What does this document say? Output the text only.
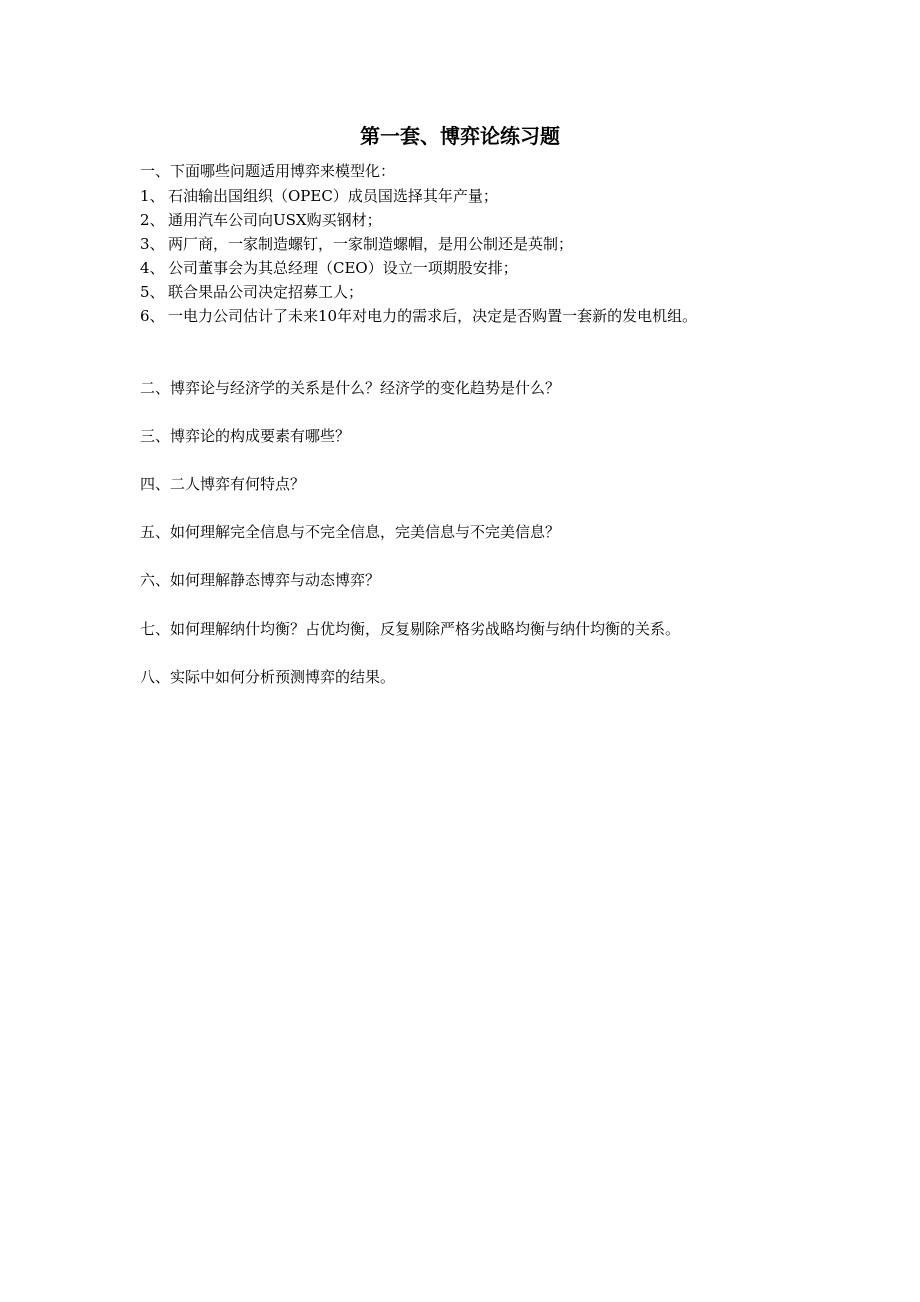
第一套、博弈论练习题
一、下面哪些问题适用博弈来模型化：
1、 石油输出国组织（OPEC）成员国选择其年产量；
2、 通用汽车公司向USX购买钢材；
3、 两厂商，一家制造螺钉，一家制造螺帽，是用公制还是英制；
4、 公司董事会为其总经理（CEO）设立一项期股安排；
5、 联合果品公司决定招募工人；
6、 一电力公司估计了未来10年对电力的需求后，决定是否购置一套新的发电机组。
二、博弈论与经济学的关系是什么？经济学的变化趋势是什么？
三、博弈论的构成要素有哪些？
四、二人博弈有何特点？
五、如何理解完全信息与不完全信息，完美信息与不完美信息？
六、如何理解静态博弈与动态博弈？
七、如何理解纳什均衡？占优均衡，反复剔除严格劣战略均衡与纳什均衡的关系。
八、实际中如何分析预测博弈的结果。
